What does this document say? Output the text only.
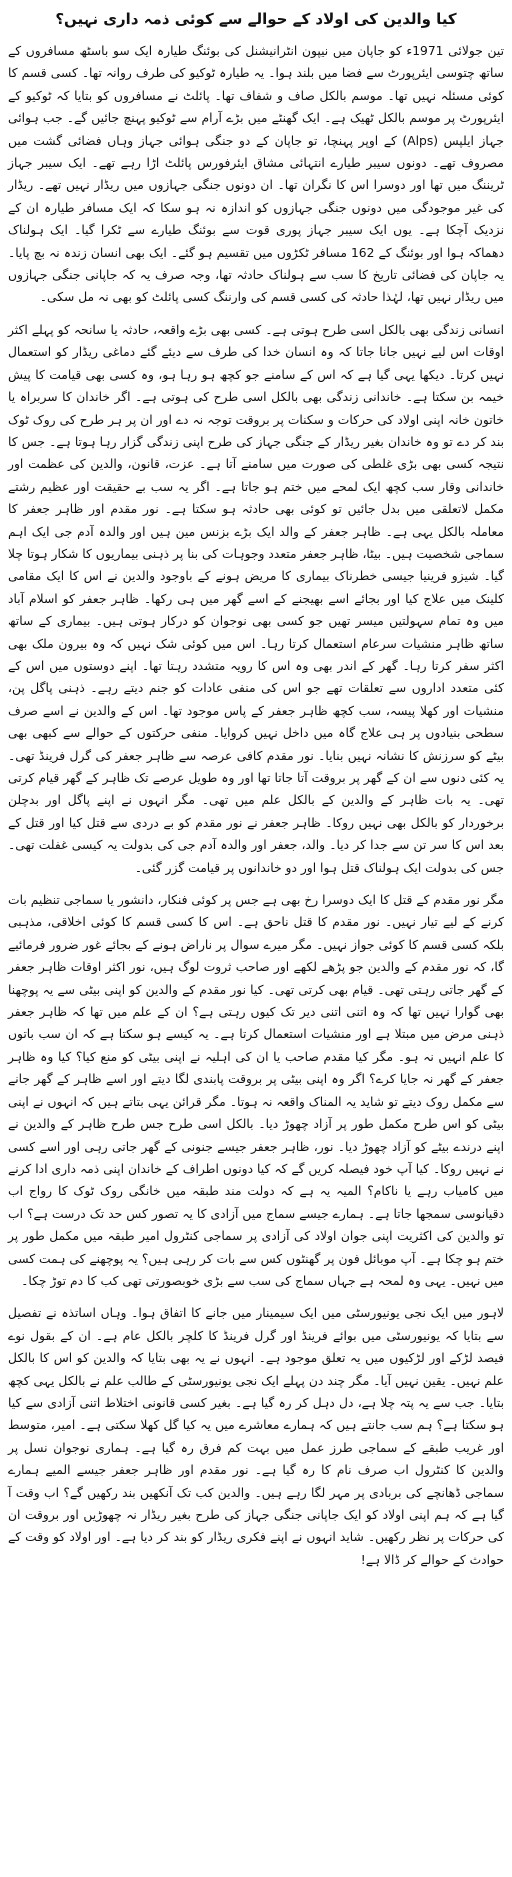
کیا والدین کی اولاد کے حوالے سے کوئی ذمہ داری نہیں؟

تین جولائی 1971ء کو جاپان میں نیپون انٹرانیشنل کی بوئنگ طیارہ ایک سو باسٹھ مسافروں کے ساتھ چتوسی ایئرپورٹ سے فضا میں بلند ہوا۔ یہ طیارہ ٹوکیو کی طرف روانہ تھا۔ کسی قسم کا کوئی مسئلہ نہیں تھا۔ موسم بالکل صاف و شفاف تھا۔ پائلٹ نے مسافروں کو بتایا کہ ٹوکیو کے ایئرپورٹ پر موسم بالکل ٹھیک ہے۔ ایک گھنٹے میں بڑے آرام سے ٹوکیو پہنچ جائیں گے۔ جب ہوائی جہاز ایلپس (Alps) کے اوپر پہنچا، تو جاپان کے دو جنگی ہوائی جہاز وہاں فضائی گشت میں مصروف تھے۔ دونوں سیبر طیارے انتہائی مشاق ایئرفورس پائلٹ اڑا رہے تھے۔ ایک سیبر جہاز ٹریننگ میں تھا اور دوسرا اس کا نگران تھا۔ ان دونوں جنگی جہازوں میں ریڈار نہیں تھے۔ ریڈار کی غیر موجودگی میں دونوں جنگی جہازوں کو اندازہ نہ ہو سکا کہ ایک مسافر طیارہ ان کے نزدیک آچکا ہے۔ یوں ایک سیبر جہاز پوری قوت سے بوئنگ طیارے سے ٹکرا گیا۔ ایک ہولناک دھماکہ ہوا اور بوئنگ کے 162 مسافر ٹکڑوں میں تقسیم ہو گئے۔ ایک بھی انسان زندہ نہ بچ پایا۔ یہ جاپان کی فضائی تاریخ کا سب سے ہولناک حادثہ تھا، وجہ صرف یہ کہ جاپانی جنگی جہازوں میں ریڈار نہیں تھا، لہٰذا حادثہ کی کسی قسم کی وارننگ کسی پائلٹ کو بھی نہ مل سکی۔

انسانی زندگی بھی بالکل اسی طرح ہوتی ہے۔ کسی بھی بڑے واقعہ، حادثہ یا سانحہ کو پہلے اکثر اوقات اس لیے نہیں جانا جاتا کہ وہ انسان خدا کی طرف سے دیئے گئے دماغی ریڈار کو استعمال نہیں کرتا۔ دیکھا یہی گیا ہے کہ اس کے سامنے جو کچھ ہو رہا ہو، وہ کسی بھی قیامت کا پیش خیمہ بن سکتا ہے۔ خاندانی زندگی بھی بالکل اسی طرح کی ہوتی ہے۔ اگر خاندان کا سربراہ یا خاتون خانہ اپنی اولاد کی حرکات و سکنات پر بروقت توجہ نہ دے اور ان پر ہر طرح کی روک ٹوک بند کر دے تو وہ خاندان بغیر ریڈار کے جنگی جہاز کی طرح اپنی زندگی گزار رہا ہوتا ہے۔ جس کا نتیجہ کسی بھی بڑی غلطی کی صورت میں سامنے آتا ہے۔ عزت، قانون، والدین کی عظمت اور خاندانی وقار سب کچھ ایک لمحے میں ختم ہو جاتا ہے۔ اگر یہ سب بے حقیقت اور عظیم رشتے مکمل لاتعلقی میں بدل جائیں تو کوئی بھی حادثہ ہو سکتا ہے۔ نور مقدم اور ظاہر جعفر کا معاملہ بالکل یہی ہے۔ ظاہر جعفر کے والد ایک بڑے بزنس مین ہیں اور والدہ آدم جی ایک اہم سماجی شخصیت ہیں۔ بیٹا، ظاہر جعفر متعدد وجوہات کی بنا پر ذہنی بیماریوں کا شکار ہوتا چلا گیا۔ شیزو فرینیا جیسی خطرناک بیماری کا مریض ہونے کے باوجود والدین نے اس کا ایک مقامی کلینک میں علاج کیا اور بجائے اسے بھیجنے کے اسے گھر میں ہی رکھا۔ ظاہر جعفر کو اسلام آباد میں وہ تمام سہولتیں میسر تھیں جو کسی بھی نوجوان کو درکار ہوتی ہیں۔ بیماری کے ساتھ ساتھ ظاہر منشیات سرعام استعمال کرتا رہا۔ اس میں کوئی شک نہیں کہ وہ بیرون ملک بھی اکثر سفر کرتا رہا۔ گھر کے اندر بھی وہ اس کا رویہ متشدد رہتا تھا۔ اپنے دوستوں میں اس کے کئی متعدد اداروں سے تعلقات تھے جو اس کی منفی عادات کو جنم دیتے رہے۔ ذہنی پاگل پن، منشیات اور کھلا پیسہ، سب کچھ ظاہر جعفر کے پاس موجود تھا۔ اس کے والدین نے اسے صرف سطحی بنیادوں پر ہی علاج گاہ میں داخل نہیں کروایا۔ منفی حرکتوں کے حوالے سے کبھی بھی بیٹے کو سرزنش کا نشانہ نہیں بنایا۔ نور مقدم کافی عرصہ سے ظاہر جعفر کی گرل فرینڈ تھی۔ یہ کئی دنوں سے ان کے گھر پر بروقت آتا جاتا تھا اور وہ طویل عرصے تک ظاہر کے گھر قیام کرتی تھی۔ یہ بات ظاہر کے والدین کے بالکل علم میں تھی۔ مگر انہوں نے اپنے پاگل اور بدچلن برخوردار کو بالکل بھی نہیں روکا۔ ظاہر جعفر نے نور مقدم کو بے دردی سے قتل کیا اور قتل کے بعد اس کا سر تن سے جدا کر دیا۔ والد، جعفر اور والدہ آدم جی کی بدولت یہ کیسی غفلت تھی۔ جس کی بدولت ایک ہولناک قتل ہوا اور دو خاندانوں پر قیامت گزر گئی۔

مگر نور مقدم کے قتل کا ایک دوسرا رخ بھی ہے جس پر کوئی فنکار، دانشور یا سماجی تنظیم بات کرنے کے لیے تیار نہیں۔ نور مقدم کا قتل ناحق ہے۔ اس کا کسی قسم کا کوئی اخلاقی، مذہبی بلکہ کسی قسم کا کوئی جواز نہیں۔ مگر میرے سوال پر ناراض ہونے کے بجائے غور ضرور فرمائیے گا، کہ نور مقدم کے والدین جو پڑھے لکھے اور صاحب ثروت لوگ ہیں، نور اکثر اوقات ظاہر جعفر کے گھر جاتی رہتی تھی۔ قیام بھی کرتی تھی۔ کیا نور مقدم کے والدین کو اپنی بیٹی سے یہ پوچھنا بھی گوارا نہیں تھا کہ وہ اتنی اتنی دیر تک کیوں رہتی ہے؟ ان کے علم میں تھا کہ ظاہر جعفر ذہنی مرض میں مبتلا ہے اور منشیات استعمال کرتا ہے۔ یہ کیسے ہو سکتا ہے کہ ان سب باتوں کا علم انہیں نہ ہو۔ مگر کیا مقدم صاحب یا ان کی اہلیہ نے اپنی بیٹی کو منع کیا؟ کیا وہ ظاہر جعفر کے گھر نہ جایا کرے؟ اگر وہ اپنی بیٹی پر بروقت پابندی لگا دیتے اور اسے ظاہر کے گھر جانے سے مکمل روک دیتے تو شاید یہ المناک واقعہ نہ ہوتا۔ مگر قرائن یہی بتاتے ہیں کہ انہوں نے اپنی بیٹی کو اس طرح مکمل طور پر آزاد چھوڑ دیا۔ بالکل اسی طرح جس طرح ظاہر کے والدین نے اپنے درندے بیٹے کو آزاد چھوڑ دیا۔ نور، ظاہر جعفر جیسے جنونی کے گھر جاتی رہی اور اسے کسی نے نہیں روکا۔ کیا آپ خود فیصلہ کریں گے کہ کیا دونوں اطراف کے خاندان اپنی ذمہ داری ادا کرنے میں کامیاب رہے یا ناکام؟ المیہ یہ ہے کہ دولت مند طبقہ میں خانگی روک ٹوک کا رواج اب دقیانوسی سمجھا جاتا ہے۔ ہمارے جیسے سماج میں آزادی کا یہ تصور کس حد تک درست ہے؟ اب تو والدین کی اکثریت اپنی جوان اولاد کی آزادی پر سماجی کنٹرول امیر طبقہ میں مکمل طور پر ختم ہو چکا ہے۔ آپ موبائل فون پر گھنٹوں کس سے بات کر رہی ہیں؟ یہ پوچھنے کی ہمت کسی میں نہیں۔ یہی وہ لمحہ ہے جہاں سماج کی سب سے بڑی خوبصورتی تھی کب کا دم توڑ چکا۔

لاہور میں ایک نجی یونیورسٹی میں ایک سیمینار میں جانے کا اتفاق ہوا۔ وہاں اساتذہ نے تفصیل سے بتایا کہ یونیورسٹی میں بوائے فرینڈ اور گرل فرینڈ کا کلچر بالکل عام ہے۔ ان کے بقول نوے فیصد لڑکے اور لڑکیوں میں یہ تعلق موجود ہے۔ انہوں نے یہ بھی بتایا کہ والدین کو اس کا بالکل علم نہیں۔ یقین نہیں آیا۔ مگر چند دن پہلے ایک نجی یونیورسٹی کے طالب علم نے بالکل یہی کچھ بتایا۔ جب سے یہ پتہ چلا ہے، دل دہل کر رہ گیا ہے۔ بغیر کسی قانونی اختلاط اتنی آزادی سے کیا ہو سکتا ہے؟ ہم سب جانتے ہیں کہ ہمارے معاشرے میں یہ کیا گل کھلا سکتی ہے۔ امیر، متوسط اور غریب طبقے کے سماجی طرز عمل میں بہت کم فرق رہ گیا ہے۔ ہماری نوجوان نسل پر والدین کا کنٹرول اب صرف نام کا رہ گیا ہے۔ نور مقدم اور ظاہر جعفر جیسے المیے ہمارے سماجی ڈھانچے کی بربادی پر مہر لگا رہے ہیں۔ والدین کب تک آنکھیں بند رکھیں گے؟ اب وقت آ گیا ہے کہ ہم اپنی اولاد کو ایک جاپانی جنگی جہاز کی طرح بغیر ریڈار نہ چھوڑیں اور بروقت ان کی حرکات پر نظر رکھیں۔ شاید انہوں نے اپنے فکری ریڈار کو بند کر دیا ہے۔ اور اولاد کو وقت کے حوادث کے حوالے کر ڈالا ہے!
